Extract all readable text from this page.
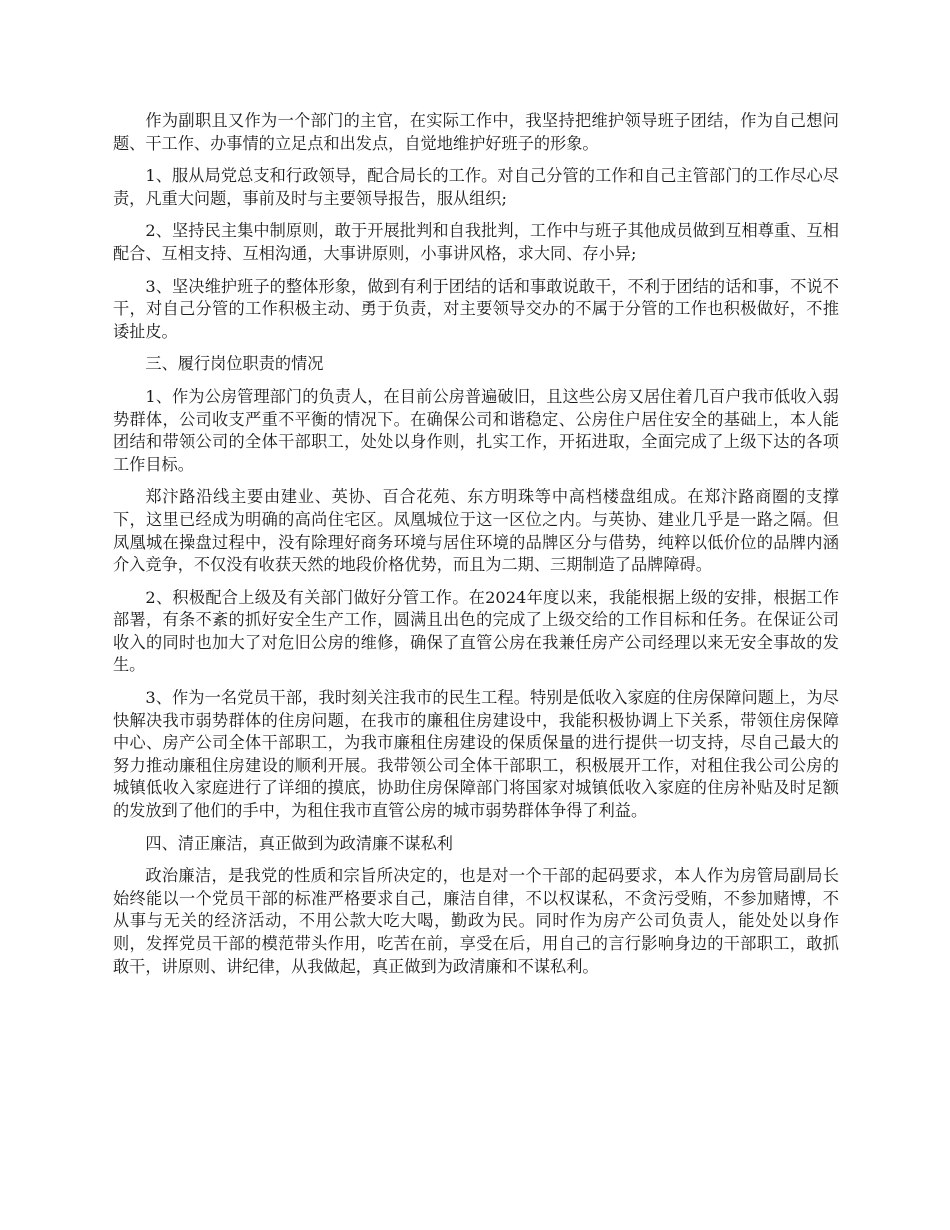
作为副职且又作为一个部门的主官，在实际工作中，我坚持把维护领导班子团结，作为自己想问题、干工作、办事情的立足点和出发点，自觉地维护好班子的形象。

1、服从局党总支和行政领导，配合局长的工作。对自己分管的工作和自己主管部门的工作尽心尽责，凡重大问题，事前及时与主要领导报告，服从组织;

2、坚持民主集中制原则，敢于开展批判和自我批判，工作中与班子其他成员做到互相尊重、互相配合、互相支持、互相沟通，大事讲原则，小事讲风格，求大同、存小异;

3、坚决维护班子的整体形象，做到有利于团结的话和事敢说敢干，不利于团结的话和事，不说不干，对自己分管的工作积极主动、勇于负责，对主要领导交办的不属于分管的工作也积极做好，不推诿扯皮。

三、履行岗位职责的情况

1、作为公房管理部门的负责人，在目前公房普遍破旧，且这些公房又居住着几百户我市低收入弱势群体，公司收支严重不平衡的情况下。在确保公司和谐稳定、公房住户居住安全的基础上，本人能团结和带领公司的全体干部职工，处处以身作则，扎实工作，开拓进取，全面完成了上级下达的各项工作目标。

郑汴路沿线主要由建业、英协、百合花苑、东方明珠等中高档楼盘组成。在郑汴路商圈的支撑下，这里已经成为明确的高尚住宅区。凤凰城位于这一区位之内。与英协、建业几乎是一路之隔。但凤凰城在操盘过程中，没有除理好商务环境与居住环境的品牌区分与借势，纯粹以低价位的品牌内涵介入竞争，不仅没有收获天然的地段价格优势，而且为二期、三期制造了品牌障碍。

2、积极配合上级及有关部门做好分管工作。在2024年度以来，我能根据上级的安排，根据工作部署，有条不紊的抓好安全生产工作，圆满且出色的完成了上级交给的工作目标和任务。在保证公司收入的同时也加大了对危旧公房的维修，确保了直管公房在我兼任房产公司经理以来无安全事故的发生。

3、作为一名党员干部，我时刻关注我市的民生工程。特别是低收入家庭的住房保障问题上，为尽快解决我市弱势群体的住房问题，在我市的廉租住房建设中，我能积极协调上下关系，带领住房保障中心、房产公司全体干部职工，为我市廉租住房建设的保质保量的进行提供一切支持，尽自己最大的努力推动廉租住房建设的顺利开展。我带领公司全体干部职工，积极展开工作，对租住我公司公房的城镇低收入家庭进行了详细的摸底，协助住房保障部门将国家对城镇低收入家庭的住房补贴及时足额的发放到了他们的手中，为租住我市直管公房的城市弱势群体争得了利益。

四、清正廉洁，真正做到为政清廉不谋私利

政治廉洁，是我党的性质和宗旨所决定的，也是对一个干部的起码要求，本人作为房管局副局长始终能以一个党员干部的标准严格要求自己，廉洁自律，不以权谋私，不贪污受贿，不参加赌博，不从事与无关的经济活动，不用公款大吃大喝，勤政为民。同时作为房产公司负责人，能处处以身作则，发挥党员干部的模范带头作用，吃苦在前，享受在后，用自己的言行影响身边的干部职工，敢抓敢干，讲原则、讲纪律，从我做起，真正做到为政清廉和不谋私利。
